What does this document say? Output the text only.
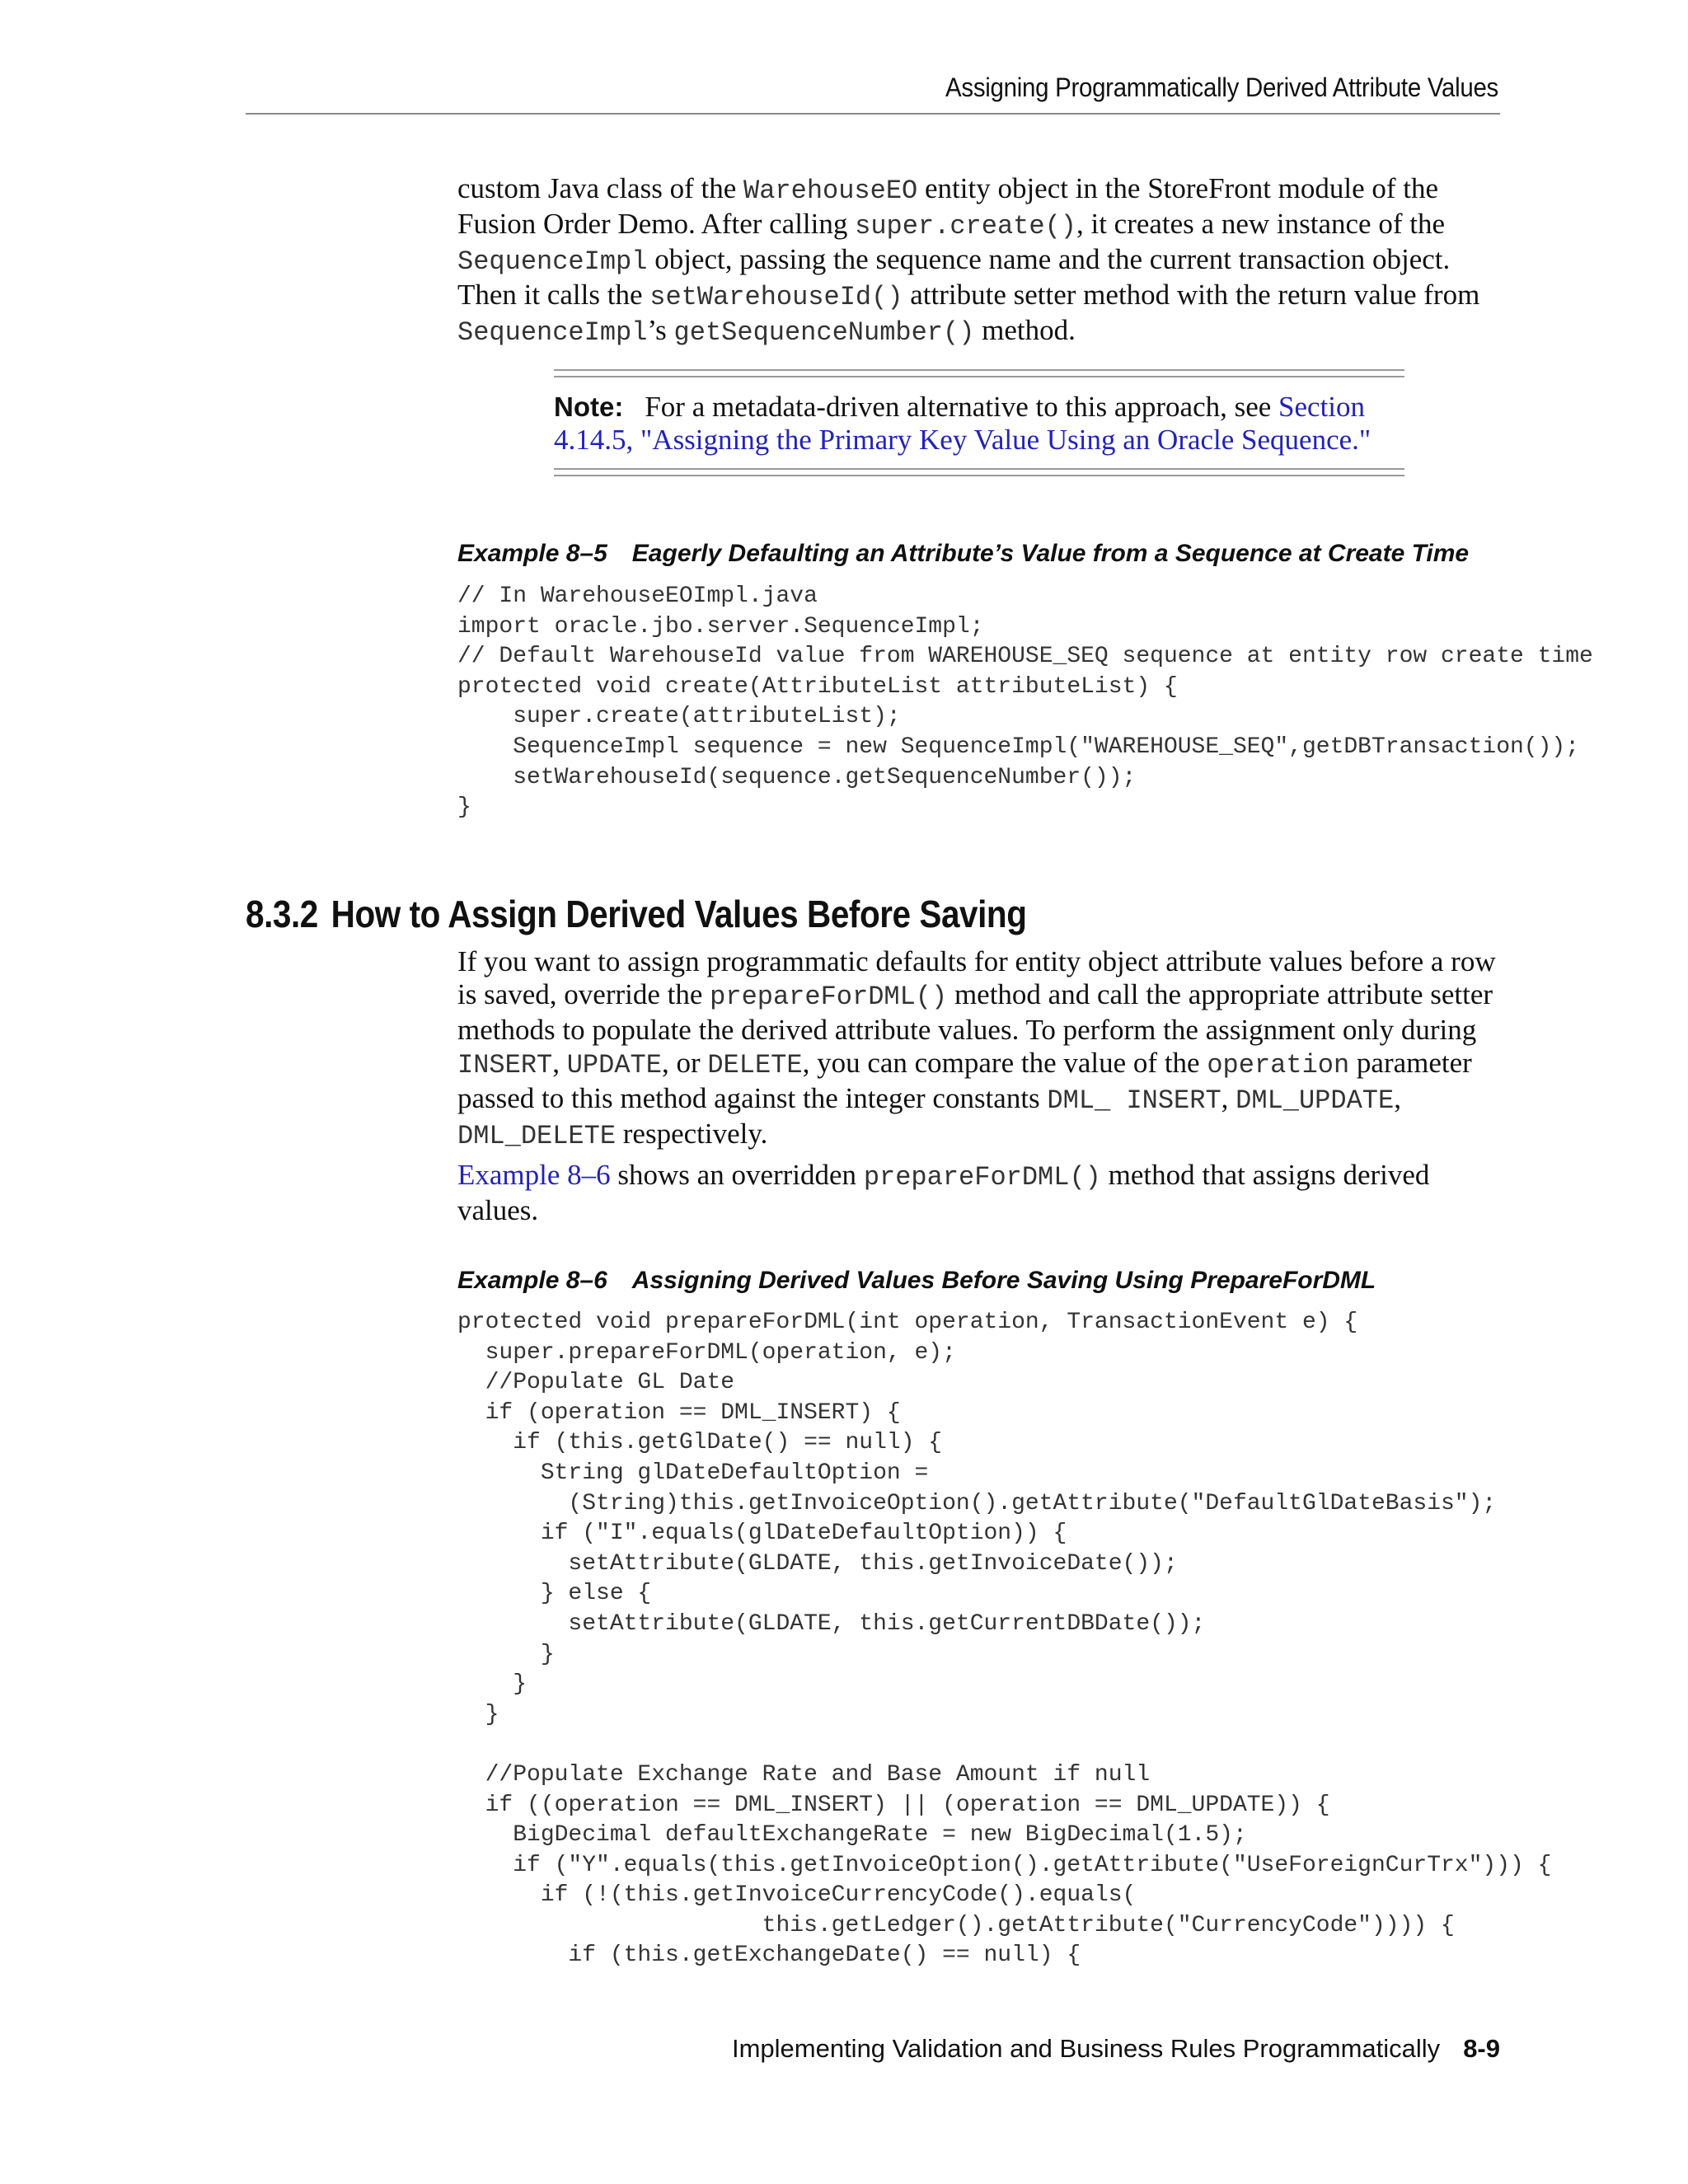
Assigning Programmatically Derived Attribute Values

custom Java class of the WarehouseEO entity object in the StoreFront module of the Fusion Order Demo. After calling super.create(), it creates a new instance of the SequenceImpl object, passing the sequence name and the current transaction object. Then it calls the setWarehouseId() attribute setter method with the return value from SequenceImpl’s getSequenceNumber() method.

Note: For a metadata-driven alternative to this approach, see Section 4.14.5, "Assigning the Primary Key Value Using an Oracle Sequence."
Example 8–5 Eagerly Defaulting an Attribute’s Value from a Sequence at Create Time
// In WarehouseEOImpl.java
import oracle.jbo.server.SequenceImpl;
// Default WarehouseId value from WAREHOUSE_SEQ sequence at entity row create time
protected void create(AttributeList attributeList) {
super.create(attributeList);
SequenceImpl sequence = new SequenceImpl("WAREHOUSE_SEQ",getDBTransaction());
setWarehouseId(sequence.getSequenceNumber());
}
8.3.2 How to Assign Derived Values Before Saving

If you want to assign programmatic defaults for entity object attribute values before a row is saved, override the prepareForDML() method and call the appropriate attribute setter methods to populate the derived attribute values. To perform the assignment only during INSERT, UPDATE, or DELETE, you can compare the value of the operation parameter passed to this method against the integer constants DML_ INSERT, DML_UPDATE, DML_DELETE respectively.

Example 8–6 shows an overridden prepareForDML() method that assigns derived values.

Example 8–6 Assigning Derived Values Before Saving Using PrepareForDML
protected void prepareForDML(int operation, TransactionEvent e) {
super.prepareForDML(operation, e);
//Populate GL Date
if (operation == DML_INSERT) {
if (this.getGlDate() == null) {
String glDateDefaultOption =
(String)this.getInvoiceOption().getAttribute("DefaultGlDateBasis");
if ("I".equals(glDateDefaultOption)) {
setAttribute(GLDATE, this.getInvoiceDate());
} else {
setAttribute(GLDATE, this.getCurrentDBDate());
}
}
}

//Populate Exchange Rate and Base Amount if null
if ((operation == DML_INSERT) || (operation == DML_UPDATE)) {
BigDecimal defaultExchangeRate = new BigDecimal(1.5);
if ("Y".equals(this.getInvoiceOption().getAttribute("UseForeignCurTrx"))) {
if (!(this.getInvoiceCurrencyCode().equals(
this.getLedger().getAttribute("CurrencyCode")))) {
if (this.getExchangeDate() == null) {
Implementing Validation and Business Rules Programmatically 8-9
